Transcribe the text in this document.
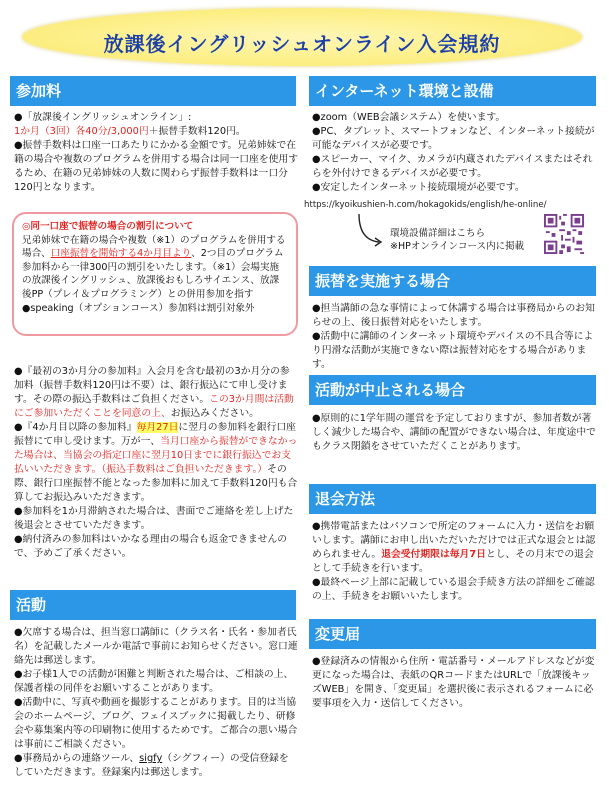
放課後イングリッシュオンライン入会規約
参加料

●「放課後イングリッシュオンライン」:

1か月（3回）各40分/3,000円＋振替手数料120円。

●振替手数料は口座一口あたりにかかる金額です。兄弟姉妹で在籍の場合や複数のプログラムを併用する場合は同一口座を使用するため、在籍の兄弟姉妹の人数に関わらず振替手数料は一口分120円となります。

◎同一口座で振替の場合の割引について

兄弟姉妹で在籍の場合や複数（※1）のプログラムを併用する場合、口座振替を開始する4か月目より、2つ目のプログラム参加料から一律300円の割引をいたします。（※1）会場実施の放課後イングリッシュ、放課後おもしろサイエンス、放課後PP（プレイ＆プログラミング）との併用参加を指す

●speaking（オプションコース）参加料は割引対象外

●『最初の3か月分の参加料』入会月を含む最初の3か月分の参加料（振替手数料120円は不要）は、銀行振込にて申し受けます。その際の振込手数料はご負担ください。この3か月間は活動にご参加いただくことを同意の上、お振込みください。

●『4か月目以降の参加料』毎月27日に翌月の参加料を銀行口座振替にて申し受けます。万が一、当月口座から振替ができなかった場合は、当協会の指定口座に翌月10日までに銀行振込でお支払いいただきます。（振込手数料はご負担いただきます。）その際、銀行口座振替不能となった参加料に加えて手数料120円も合算してお振込みいただきます。

●参加料を1か月滞納された場合は、書面でご連絡を差し上げた後退会とさせていただきます。

●納付済みの参加料はいかなる理由の場合も返金できませんので、予めご了承ください。

活動

●欠席する場合は、担当窓口講師に（クラス名・氏名・参加者氏名）を記載したメールか電話で事前にお知らせください。窓口連絡先は郵送します。

●お子様1人での活動が困難と判断された場合は、ご相談の上、保護者様の同伴をお願いすることがあります。

●活動中に、写真や動画を撮影することがあります。目的は当協会のホームページ、ブログ、フェイスブックに掲載したり、研修会や募集案内等の印刷物に使用するためです。ご都合の悪い場合は事前にご相談ください。

●事務局からの連絡ツール、sigfy（シグフィー）の受信登録をしていただきます。登録案内は郵送します。

インターネット環境と設備

●zoom（WEB会議システム）を使います。

●PC、タブレット、スマートフォンなど、インターネット接続が可能なデバイスが必要です。

●スピーカー、マイク、カメラが内蔵されたデバイスまたはそれらを外付けできるデバイスが必要です。

●安定したインターネット接続環境が必要です。

https://kyoikushien-h.com/hokagokids/english/he-online/
環境設備詳細はこちら
※HPオンラインコース内に掲載
振替を実施する場合

●担当講師の急な事情によって休講する場合は事務局からのお知らせの上、後日振替対応をいたします。

●活動中に講師のインターネット環境やデバイスの不具合等により円滑な活動が実施できない際は振替対応をする場合があります。

活動が中止される場合

●原則的に1学年間の運営を予定しておりますが、参加者数が著しく減少した場合や、講師の配置ができない場合は、年度途中でもクラス閉鎖をさせていただくことがあります。

退会方法

●携帯電話またはパソコンで所定のフォームに入力・送信をお願いします。講師にお申し出いただいただけでは正式な退会とは認められません。退会受付期限は毎月7日とし、その月末での退会として手続きを行います。

●最終ページ上部に記載している退会手続き方法の詳細をご確認の上、手続きをお願いいたします。

変更届

●登録済みの情報から住所・電話番号・メールアドレスなどが変更になった場合は、表紙のQRコードまたはURLで「放課後キッズWEB」を開き、「変更届」を選択後に表示されるフォームに必要事項を入力・送信してください。
